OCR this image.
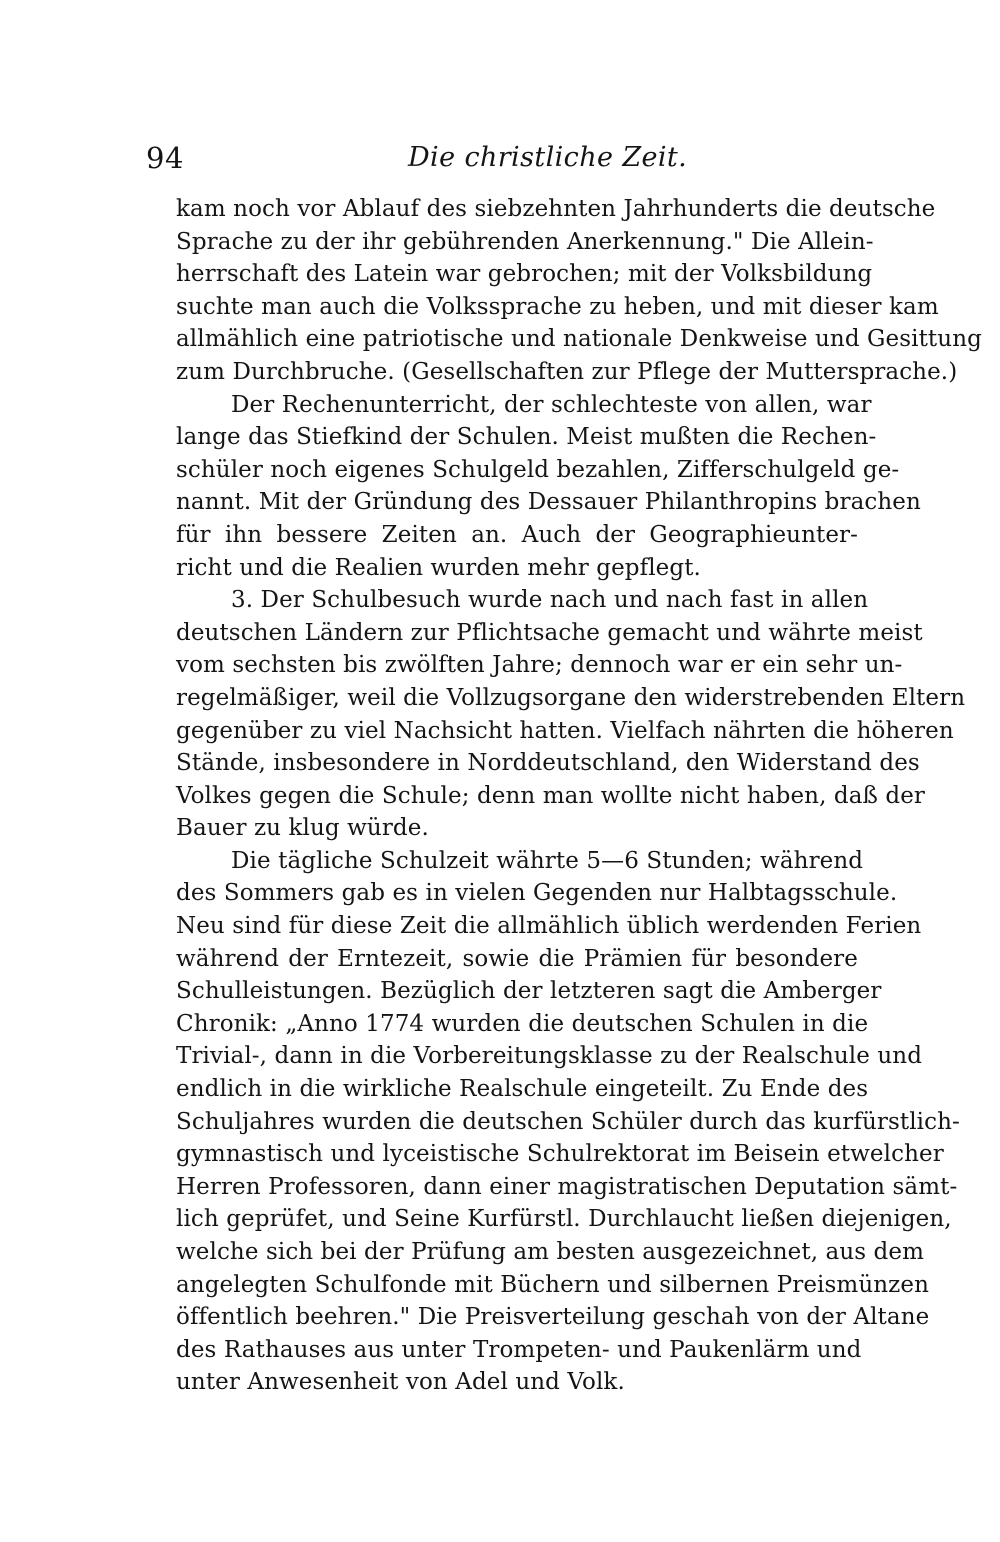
94	Die christliche Zeit.
kam noch vor Ablauf des siebzehnten Jahrhunderts die deutsche
Sprache zu der ihr gebührenden Anerkennung." Die Allein-
herrschaft des Latein war gebrochen; mit der Volksbildung
suchte man auch die Volkssprache zu heben, und mit dieser kam
allmählich eine patriotische und nationale Denkweise und Gesittung
zum Durchbruche. (Gesellschaften zur Pflege der Muttersprache.)
Der Rechenunterricht, der schlechteste von allen, war
lange das Stiefkind der Schulen. Meist mußten die Rechen-
schüler noch eigenes Schulgeld bezahlen, Zifferschulgeld ge-
nannt. Mit der Gründung des Dessauer Philanthropins brachen
für ihn bessere Zeiten an. Auch der Geographieunter-
richt und die Realien wurden mehr gepflegt.
3. Der Schulbesuch wurde nach und nach fast in allen
deutschen Ländern zur Pflichtsache gemacht und währte meist
vom sechsten bis zwölften Jahre; dennoch war er ein sehr un-
regelmäßiger, weil die Vollzugsorgane den widerstrebenden Eltern
gegenüber zu viel Nachsicht hatten. Vielfach nährten die höheren
Stände, insbesondere in Norddeutschland, den Widerstand des
Volkes gegen die Schule; denn man wollte nicht haben, daß der
Bauer zu klug würde.
Die tägliche Schulzeit währte 5—6 Stunden; während
des Sommers gab es in vielen Gegenden nur Halbtagsschule.
Neu sind für diese Zeit die allmählich üblich werdenden Ferien
während der Erntezeit, sowie die Prämien für besondere
Schulleistungen. Bezüglich der letzteren sagt die Amberger
Chronik: „Anno 1774 wurden die deutschen Schulen in die
Trivial-, dann in die Vorbereitungsklasse zu der Realschule und
endlich in die wirkliche Realschule eingeteilt. Zu Ende des
Schuljahres wurden die deutschen Schüler durch das kurfürstlich-
gymnastisch und lyceistische Schulrektorat im Beisein etwelcher
Herren Professoren, dann einer magistratischen Deputation sämt-
lich geprüfet, und Seine Kurfürstl. Durchlaucht ließen diejenigen,
welche sich bei der Prüfung am besten ausgezeichnet, aus dem
angelegten Schulfonde mit Büchern und silbernen Preismünzen
öffentlich beehren." Die Preisverteilung geschah von der Altane
des Rathauses aus unter Trompeten- und Paukenlärm und
unter Anwesenheit von Adel und Volk.
